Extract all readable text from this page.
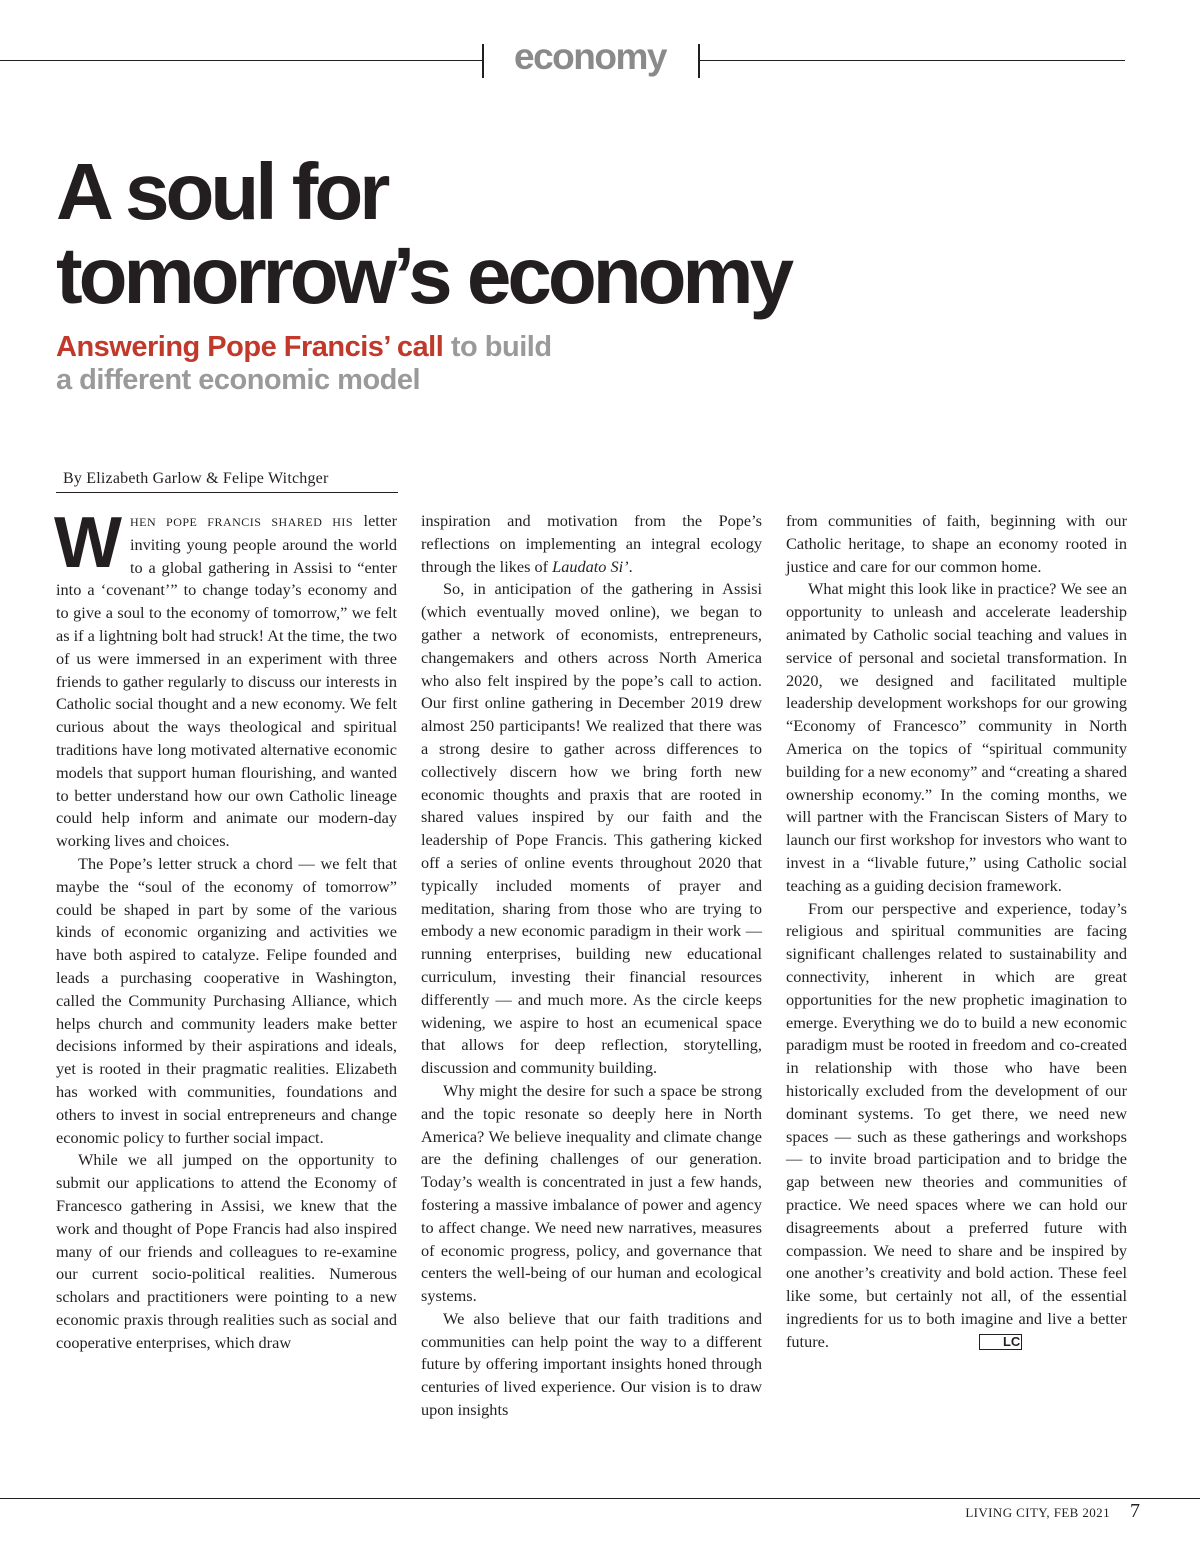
economy
A soul for
tomorrow’s economy
Answering Pope Francis’ call to build
a different economic model
By Elizabeth Garlow & Felipe Witchger

WHEN POPE FRANCIS SHARED HIS letter inviting young people around the world to a global gathering in Assisi to “enter into a ‘covenant’” to change today’s economy and to give a soul to the economy of tomorrow,” we felt as if a lightning bolt had struck! At the time, the two of us were immersed in an experiment with three friends to gather regularly to discuss our interests in Catholic social thought and a new economy. We felt curious about the ways theological and spiritual traditions have long motivated alternative economic models that support human flourishing, and wanted to better understand how our own Catholic lineage could help inform and animate our modern-day working lives and choices.

The Pope’s letter struck a chord — we felt that maybe the “soul of the economy of tomorrow” could be shaped in part by some of the various kinds of economic organizing and activities we have both aspired to catalyze. Felipe founded and leads a purchasing cooperative in Washington, called the Community Purchasing Alliance, which helps church and community leaders make better decisions informed by their aspirations and ideals, yet is rooted in their pragmatic realities. Elizabeth has worked with communities, foundations and others to invest in social entrepreneurs and change economic policy to further social impact.

While we all jumped on the opportunity to submit our applications to attend the Economy of Francesco gathering in Assisi, we knew that the work and thought of Pope Francis had also inspired many of our friends and colleagues to re-examine our current socio-political realities. Numerous scholars and practitioners were pointing to a new economic praxis through realities such as social and cooperative enterprises, which draw

inspiration and motivation from the Pope’s reflections on implementing an integral ecology through the likes of Laudato Si’.

So, in anticipation of the gathering in Assisi (which eventually moved online), we began to gather a network of economists, entrepreneurs, changemakers and others across North America who also felt inspired by the pope’s call to action. Our first online gathering in December 2019 drew almost 250 participants! We realized that there was a strong desire to gather across differences to collectively discern how we bring forth new economic thoughts and praxis that are rooted in shared values inspired by our faith and the leadership of Pope Francis. This gathering kicked off a series of online events throughout 2020 that typically included moments of prayer and meditation, sharing from those who are trying to embody a new economic paradigm in their work — running enterprises, building new educational curriculum, investing their financial resources differently — and much more. As the circle keeps widening, we aspire to host an ecumenical space that allows for deep reflection, storytelling, discussion and community building.

Why might the desire for such a space be strong and the topic resonate so deeply here in North America? We believe inequality and climate change are the defining challenges of our generation. Today’s wealth is concentrated in just a few hands, fostering a massive imbalance of power and agency to affect change. We need new narratives, measures of economic progress, policy, and governance that centers the well-being of our human and ecological systems.

We also believe that our faith traditions and communities can help point the way to a different future by offering important insights honed through centuries of lived experience. Our vision is to draw upon insights

from communities of faith, beginning with our Catholic heritage, to shape an economy rooted in justice and care for our common home.

What might this look like in practice? We see an opportunity to unleash and accelerate leadership animated by Catholic social teaching and values in service of personal and societal transformation. In 2020, we designed and facilitated multiple leadership development workshops for our growing “Economy of Francesco” community in North America on the topics of “spiritual community building for a new economy” and “creating a shared ownership economy.” In the coming months, we will partner with the Franciscan Sisters of Mary to launch our first workshop for investors who want to invest in a “livable future,” using Catholic social teaching as a guiding decision framework.

From our perspective and experience, today’s religious and spiritual communities are facing significant challenges related to sustainability and connectivity, inherent in which are great opportunities for the new prophetic imagination to emerge. Everything we do to build a new economic paradigm must be rooted in freedom and co-created in relationship with those who have been historically excluded from the development of our dominant systems. To get there, we need new spaces — such as these gatherings and workshops — to invite broad participation and to bridge the gap between new theories and communities of practice. We need spaces where we can hold our disagreements about a preferred future with compassion. We need to share and be inspired by one another’s creativity and bold action. These feel like some, but certainly not all, of the essential ingredients for us to both imagine and live a better future.	LC

LIVING CITY, FEB 2021 7
